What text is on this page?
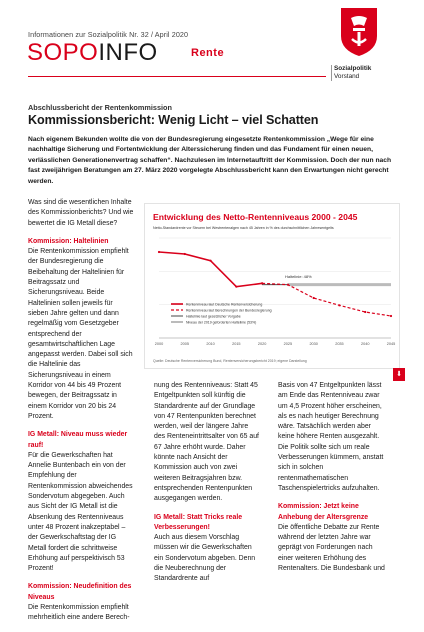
Informationen zur Sozialpolitik Nr. 32 / April 2020
SOPOINFO	Rente
Sozialpolitik
Vorstand
Abschlussbericht der Rentenkommission
Kommissionsbericht: Wenig Licht – viel Schatten
Nach eigenem Bekunden wollte die von der Bundesregierung eingesetzte Rentenkommission „Wege für eine nachhaltige Sicherung und Fortentwicklung der Alterssicherung finden und das Fundament für einen neuen, verlässlichen Generationenvertrag schaffen“. Nachzulesen im Internetauftritt der Kommission. Doch der nun nach fast zweijährigen Beratungen am 27. März 2020 vorgelegte Abschlussbericht kann den Erwartungen nicht gerecht werden.

Was sind die wesentlichen Inhalte des Kommissionberichts? Und wie bewertet die IG Metall diese?

Kommission: Haltelinien

Die Rentenkommission empfiehlt der Bundesregierung die Beibehaltung der Haltelinien für Beitragssatz und Sicherungsniveau. Beide Haltelinien sollen jeweils für sieben Jahre gelten und dann regelmäßig vom Gesetzgeber entsprechend der gesamtwirtschaftlichen Lage angepasst werden. Dabei soll sich die Haltelinie das Sicherungsniveau in einem Korridor von 44 bis 49 Prozent bewegen, der Beitragssatz in einem Korridor von 20 bis 24 Prozent.

IG Metall: Niveau muss wieder rauf!

Für die Gewerkschaften hat Annelie Buntenbach ein von der Empfehlung der Rentenkommission abweichendes Sondervotum abgegeben. Auch aus Sicht der IG Metall ist die Absenkung des Rentenniveaus unter 48 Prozent inakzeptabel – der Gewerkschaftstag der IG Metall fordert die schrittweise Erhöhung auf perspektivisch 53 Prozent!

Kommission: Neudefinition des Niveaus

Die Rentenkommission empfiehlt mehrheitlich eine andere Berech-

Entwicklung des Netto-Rentenniveaus 2000 - 2045
Netto-Standardrente vor Steuern bei Westrentenalgen nach 45 Jahren in % des durchschnittlichen Jahresentgelts
2000	2005	2010	2015	2020	2025	2030	2035	2040	2045
Rentenniveau laut Deutsche Rentenversicherung
Rentenniveau laut Berechnungen der Bundesregierung
Haltelinie laut gesetzlicher Vorgabe
Niveau der 2019 geforderten Haltelinie (53%)
Haltelinie: 48%
Quelle: Deutsche Rentenversicherung Bund, Rentenversicherungsbericht 2019; eigene Darstellung
⬇

nung des Rentenniveaus: Statt 45 Entgeltpunkten soll künftig die Standardrente auf der Grundlage von 47 Rentenpunkten berechnet werden, weil der längere Jahre des Renteneintrittsalter von 65 auf 67 Jahre erhöht wurde. Daher könnte nach Ansicht der Kommission auch von zwei weiteren Beitragsjahren bzw. entsprechenden Rentenpunkten ausgegangen werden.

IG Metall: Statt Tricks reale Verbesserungen!

Auch aus diesem Vorschlag müssen wir die Gewerkschaften ein Sondervotum abgeben. Denn die Neuberechnung der Standardrente auf

Basis von 47 Entgeltpunkten lässt am Ende das Rentenniveau zwar um 4,5 Prozent höher erscheinen, als es nach heutiger Berechnung wäre. Tatsächlich werden aber keine höhere Renten ausgezahlt. Die Politik sollte sich um reale Verbesserungen kümmern, anstatt sich in solchen rentenmathematischen Taschenspielertricks aufzuhalten.

Kommission: Jetzt keine Anhebung der Altersgrenze

Die öffentliche Debatte zur Rente während der letzten Jahre war geprägt von Forderungen nach einer weiteren Erhöhung des Rentenalters. Die Bundesbank und
